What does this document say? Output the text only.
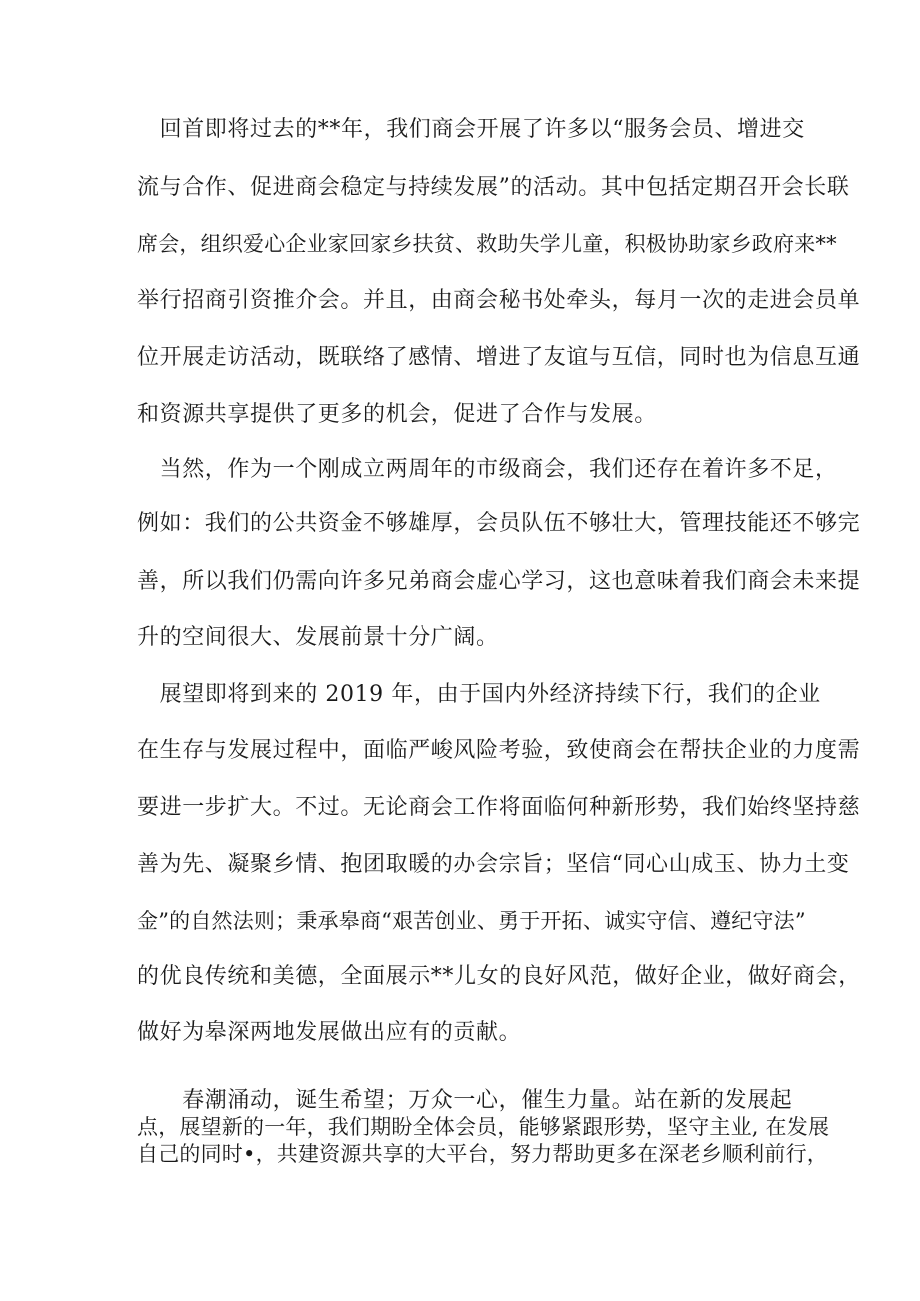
　回首即将过去的**年，我们商会开展了许多以“服务会员、增进交
流与合作、促进商会稳定与持续发展”的活动。其中包括定期召开会长联
席会，组织爱心企业家回家乡扶贫、救助失学儿童，积极协助家乡政府来**
举行招商引资推介会。并且，由商会秘书处牵头，每月一次的走进会员单
位开展走访活动，既联络了感情、增进了友谊与互信，同时也为信息互通
和资源共享提供了更多的机会，促进了合作与发展。
　当然，作为一个刚成立两周年的市级商会，我们还存在着许多不足，
例如：我们的公共资金不够雄厚，会员队伍不够壮大，管理技能还不够完
善，所以我们仍需向许多兄弟商会虚心学习，这也意味着我们商会未来提
升的空间很大、发展前景十分广阔。
　展望即将到来的 2019 年，由于国内外经济持续下行，我们的企业
在生存与发展过程中，面临严峻风险考验，致使商会在帮扶企业的力度需
要进一步扩大。不过。无论商会工作将面临何种新形势，我们始终坚持慈
善为先、凝聚乡情、抱团取暖的办会宗旨；坚信“同心山成玉、协力土变
金”的自然法则；秉承皋商“艰苦创业、勇于开拓、诚实守信、遵纪守法”
的优良传统和美德，全面展示**儿女的良好风范，做好企业，做好商会，
做好为皋深两地发展做出应有的贡献。
　　春潮涌动，诞生希望；万众一心，催生力量。站在新的发展起
点，展望新的一年，我们期盼全体会员，能够紧跟形势，坚守主业, 在发展
自己的同时•，共建资源共享的大平台，努力帮助更多在深老乡顺利前行，
